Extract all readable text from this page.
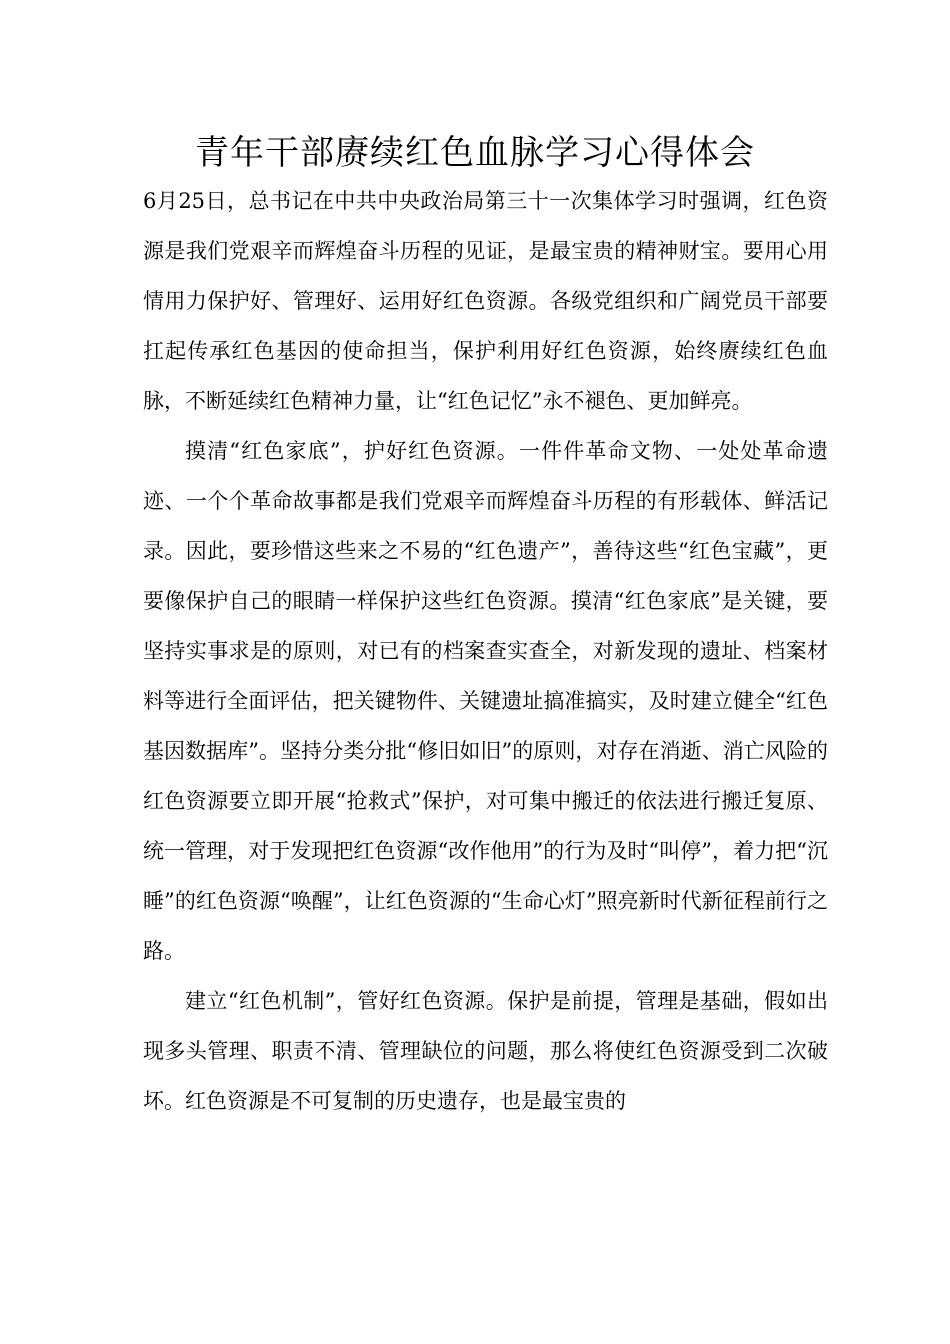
青年干部赓续红色血脉学习心得体会

6月25日，总书记在中共中央政治局第三十一次集体学习时强调，红色资源是我们党艰辛而辉煌奋斗历程的见证，是最宝贵的精神财宝。要用心用情用力保护好、管理好、运用好红色资源。各级党组织和广阔党员干部要扛起传承红色基因的使命担当，保护利用好红色资源，始终赓续红色血脉，不断延续红色精神力量，让“红色记忆”永不褪色、更加鲜亮。

摸清“红色家底”，护好红色资源。一件件革命文物、一处处革命遗迹、一个个革命故事都是我们党艰辛而辉煌奋斗历程的有形载体、鲜活记录。因此，要珍惜这些来之不易的“红色遗产”，善待这些“红色宝藏”，更要像保护自己的眼睛一样保护这些红色资源。摸清“红色家底”是关键，要坚持实事求是的原则，对已有的档案查实查全，对新发现的遗址、档案材料等进行全面评估，把关键物件、关键遗址搞准搞实，及时建立健全“红色基因数据库”。坚持分类分批“修旧如旧”的原则，对存在消逝、消亡风险的红色资源要立即开展“抢救式”保护，对可集中搬迁的依法进行搬迁复原、统一管理，对于发现把红色资源“改作他用”的行为及时“叫停”，着力把“沉睡”的红色资源“唤醒”，让红色资源的“生命心灯”照亮新时代新征程前行之路。

建立“红色机制”，管好红色资源。保护是前提，管理是基础，假如出现多头管理、职责不清、管理缺位的问题，那么将使红色资源受到二次破坏。红色资源是不可复制的历史遗存，也是最宝贵的
